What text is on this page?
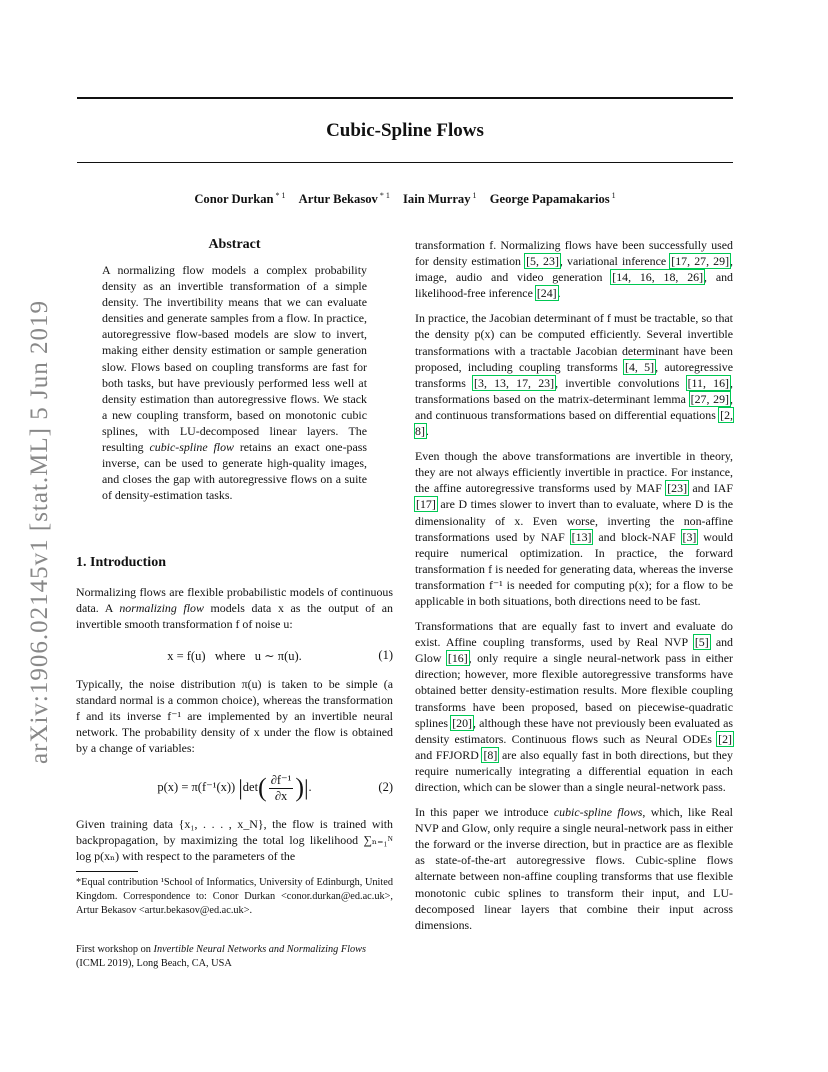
Cubic-Spline Flows
Conor Durkan $^{* 1}$ Artur Bekasov $^{* 1}$ Iain Murray $^1$ George Papamakarios $^1$
arXiv:1906.02145v1 [stat.ML] 5 Jun 2019
Abstract
A normalizing flow models a complex probability density as an invertible transformation of a simple density. The invertibility means that we can evaluate densities and generate samples from a flow. In practice, autoregressive flow-based models are slow to invert, making either density estimation or sample generation slow. Flows based on coupling transforms are fast for both tasks, but have previously performed less well at density estimation than autoregressive flows. We stack a new coupling transform, based on monotonic cubic splines, with LU-decomposed linear layers. The resulting cubic-spline flow retains an exact one-pass inverse, can be used to generate high-quality images, and closes the gap with autoregressive flows on a suite of density-estimation tasks.
1. Introduction
Normalizing flows are flexible probabilistic models of continuous data. A normalizing flow models data x as the output of an invertible smooth transformation f of noise u:
x = f(u)   where   u ∼ π(u).	(1)
Typically, the noise distribution π(u) is taken to be simple (a standard normal is a common choice), whereas the transformation f and its inverse f⁻¹ are implemented by an invertible neural network. The probability density of x under the flow is obtained by a change of variables:
p(x) = π(f⁻¹(x)) $|\det( \frac{\text{∂f⁻¹}}{\partial x}$ )|.	(2)
Given training data {x₁, . . . , x_N}, the flow is trained with backpropagation, by maximizing the total log likelihood ∑ₙ₌₁ᴺ log p(xₙ) with respect to the parameters of the
*Equal contribution ¹School of Informatics, University of Edinburgh, United Kingdom. Correspondence to: Conor Durkan <conor.durkan@ed.ac.uk>, Artur Bekasov <artur.bekasov@ed.ac.uk>.
First workshop on Invertible Neural Networks and Normalizing Flows (ICML 2019), Long Beach, CA, USA

transformation f. Normalizing flows have been successfully used for density estimation [5, 23], variational inference [17, 27, 29], image, audio and video generation [14, 16, 18, 26], and likelihood-free inference [24].

In practice, the Jacobian determinant of f must be tractable, so that the density p(x) can be computed efficiently. Several invertible transformations with a tractable Jacobian determinant have been proposed, including coupling transforms [4, 5], autoregressive transforms [3, 13, 17, 23], invertible convolutions [11, 16], transformations based on the matrix-determinant lemma [27, 29], and continuous transformations based on differential equations [2, 8].

Even though the above transformations are invertible in theory, they are not always efficiently invertible in practice. For instance, the affine autoregressive transforms used by MAF [23] and IAF [17] are D times slower to invert than to evaluate, where D is the dimensionality of x. Even worse, inverting the non-affine transformations used by NAF [13] and block-NAF [3] would require numerical optimization. In practice, the forward transformation f is needed for generating data, whereas the inverse transformation f⁻¹ is needed for computing p(x); for a flow to be applicable in both situations, both directions need to be fast.

Transformations that are equally fast to invert and evaluate do exist. Affine coupling transforms, used by Real NVP [5] and Glow [16], only require a single neural-network pass in either direction; however, more flexible autoregressive transforms have obtained better density-estimation results. More flexible coupling transforms have been proposed, based on piecewise-quadratic splines [20], although these have not previously been evaluated as density estimators. Continuous flows such as Neural ODEs [2] and FFJORD [8] are also equally fast in both directions, but they require numerically integrating a differential equation in each direction, which can be slower than a single neural-network pass.

In this paper we introduce cubic-spline flows, which, like Real NVP and Glow, only require a single neural-network pass in either the forward or the inverse direction, but in practice are as flexible as state-of-the-art autoregressive flows. Cubic-spline flows alternate between non-affine coupling transforms that use flexible monotonic cubic splines to transform their input, and LU-decomposed linear layers that combine their input across dimensions.
